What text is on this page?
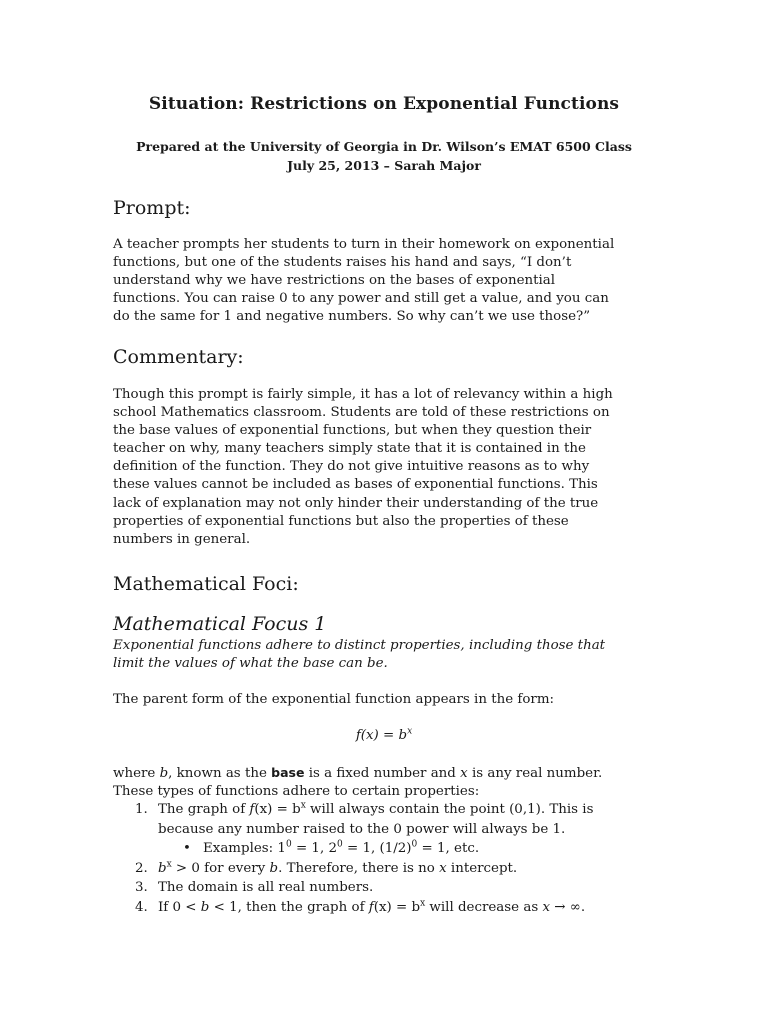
Situation: Restrictions on Exponential Functions
Prepared at the University of Georgia in Dr. Wilson’s EMAT 6500 Class
July 25, 2013 – Sarah Major
Prompt:
A teacher prompts her students to turn in their homework on exponential
functions, but one of the students raises his hand and says, “I don’t
understand why we have restrictions on the bases of exponential
functions. You can raise 0 to any power and still get a value, and you can
do the same for 1 and negative numbers. So why can’t we use those?”
Commentary:
Though this prompt is fairly simple, it has a lot of relevancy within a high
school Mathematics classroom. Students are told of these restrictions on
the base values of exponential functions, but when they question their
teacher on why, many teachers simply state that it is contained in the
definition of the function. They do not give intuitive reasons as to why
these values cannot be included as bases of exponential functions. This
lack of explanation may not only hinder their understanding of the true
properties of exponential functions but also the properties of these
numbers in general.
Mathematical Foci:
Mathematical Focus 1
Exponential functions adhere to distinct properties, including those that
limit the values of what the base can be.
The parent form of the exponential function appears in the form:
$f(x) = b^x$
where b, known as the base is a fixed number and x is any real number.
These types of functions adhere to certain properties:
1. The graph of $f(x) = b^x$ will always contain the point (0,1). This is
because any number raised to the 0 power will always be 1.
• Examples: $1^0 = 1$, $2^0 = 1$, $(1/2)^0 = 1$, etc.
2. $b^x > 0$ for every b. Therefore, there is no x intercept.
3. The domain is all real numbers.
4. If 0 < b < 1, then the graph of $f(x) = b^x$ will decrease as x → ∞.
